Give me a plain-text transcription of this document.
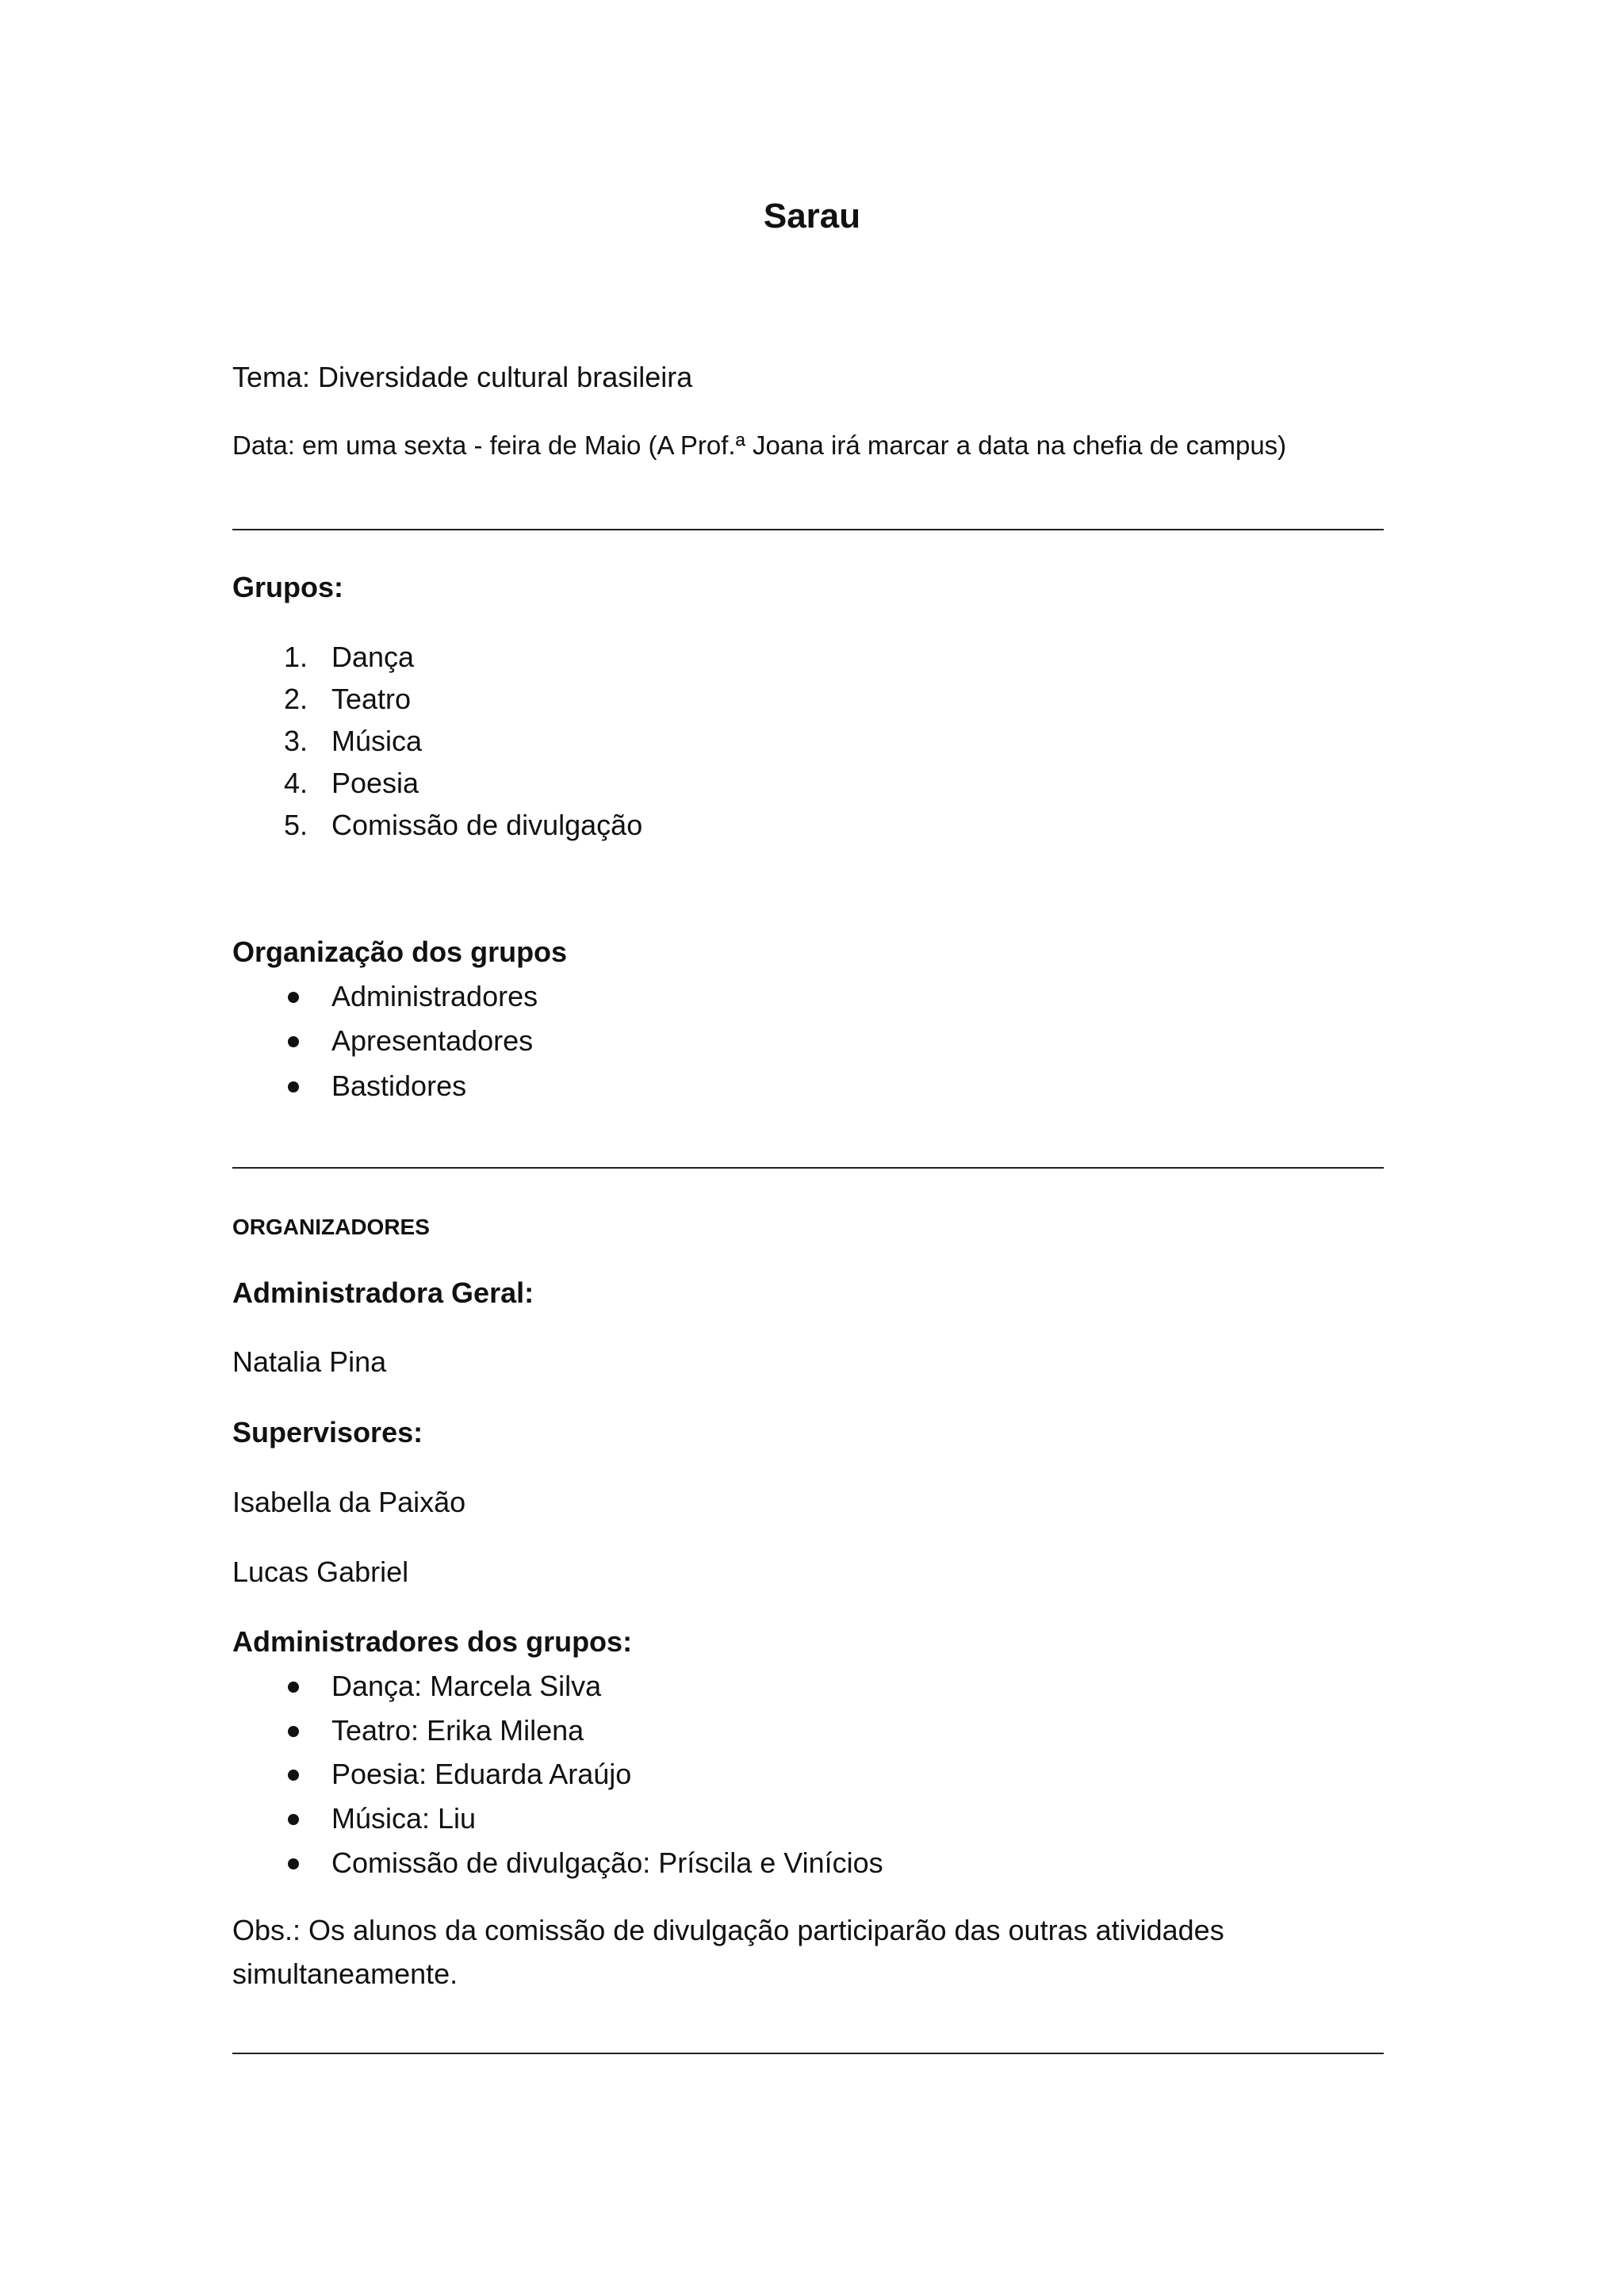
Sarau
Tema: Diversidade cultural brasileira
Data: em uma sexta - feira de Maio (A Prof.ª Joana irá marcar a data na chefia de campus)
Grupos:
1. Dança
2. Teatro
3. Música
4. Poesia
5. Comissão de divulgação
Organização dos grupos
Administradores
Apresentadores
Bastidores
ORGANIZADORES
Administradora Geral:
Natalia Pina
Supervisores:
Isabella da Paixão
Lucas Gabriel
Administradores dos grupos:
Dança: Marcela Silva
Teatro: Erika Milena
Poesia: Eduarda Araújo
Música: Liu
Comissão de divulgação: Príscila e Vinícios
Obs.: Os alunos da comissão de divulgação participarão das outras atividades
simultaneamente.
